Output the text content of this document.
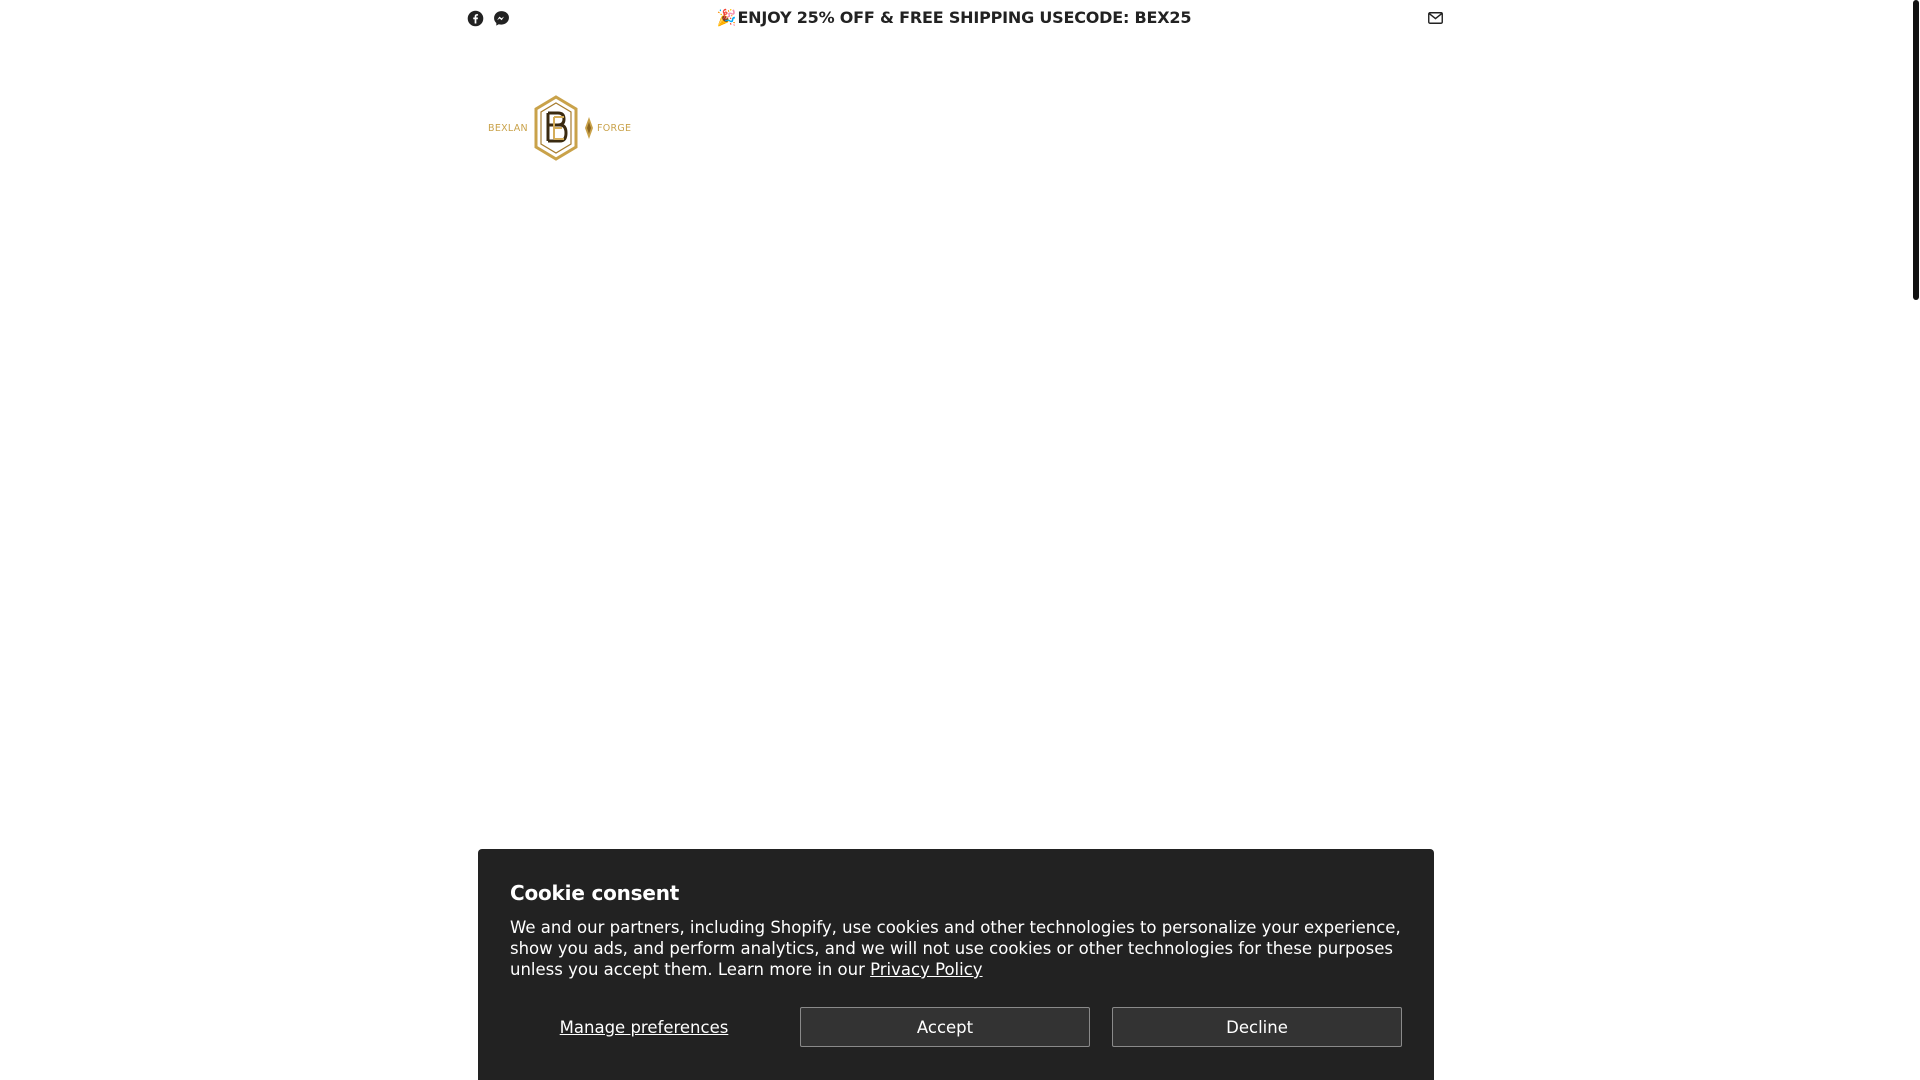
🎉ENJOY 25% OFF & FREE SHIPPING USECODE: BEX25
BEXLAN	FORGE
Cookie consent

We and our partners, including Shopify, use cookies and other technologies to personalize your experience, show you ads, and perform analytics, and we will not use cookies or other technologies for these purposes unless you accept them. Learn more in our Privacy Policy

Manage preferences	Accept	Decline
